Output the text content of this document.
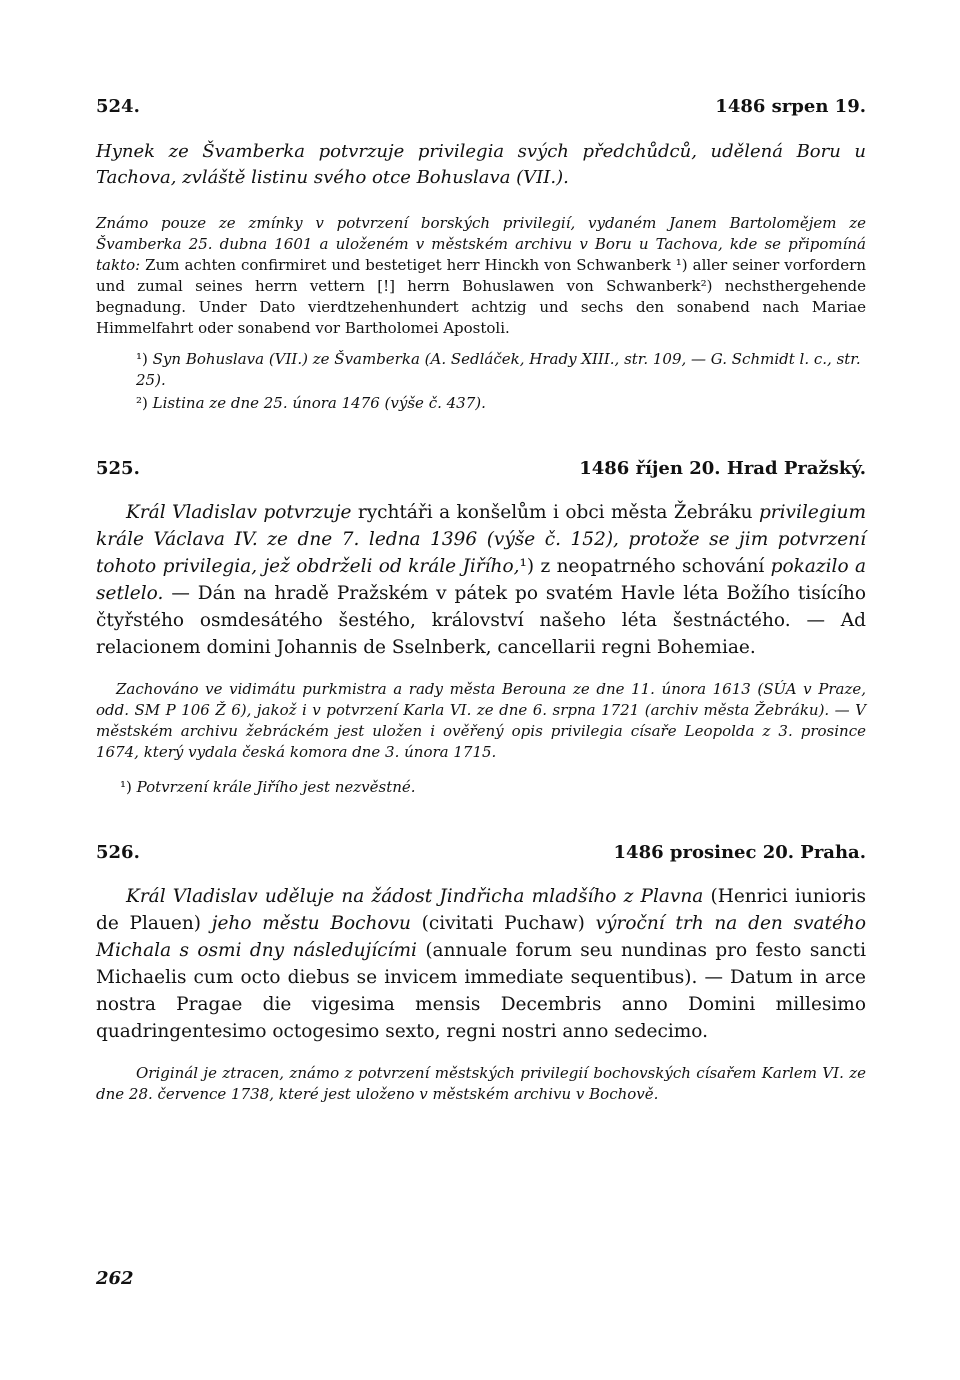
524.	1486 srpen 19.

Hynek ze Švamberka potvrzuje privilegia svých předchůdců, udělená Boru u Tachova, zvláště listinu svého otce Bohuslava (VII.).

Známo pouze ze zmínky v potvrzení borských privilegií, vydaném Janem Bartolomějem ze Švamberka 25. dubna 1601 a uloženém v městském archivu v Boru u Tachova, kde se připomíná takto: Zum achten confirmiret und bestetiget herr Hinckh von Schwanberk ¹) aller seiner vorfordern und zumal seines herrn vettern [!] herrn Bohuslawen von Schwanberk²) nechsthergehende begnadung. Under Dato vierdtzehenhundert achtzig und sechs den sonabend nach Mariae Himmelfahrt oder sonabend vor Bartholomei Apostoli.

¹) Syn Bohuslava (VII.) ze Švamberka (A. Sedláček, Hrady XIII., str. 109, — G. Schmidt l. c., str. 25).

²) Listina ze dne 25. února 1476 (výše č. 437).

525.	1486 říjen 20. Hrad Pražský.

Král Vladislav potvrzuje rychtáři a konšelům i obci města Žebráku privilegium krále Václava IV. ze dne 7. ledna 1396 (výše č. 152), protože se jim potvrzení tohoto privilegia, jež obdrželi od krále Jiřího,¹) z neopatrného schování pokazilo a setlelo. — Dán na hradě Pražském v pátek po svatém Havle léta Božího tisícího čtyřstého osmdesátého šestého, království našeho léta šestnáctého. — Ad relacionem domini Johannis de Sselnberk, cancellarii regni Bohemiae.

Zachováno ve vidimátu purkmistra a rady města Berouna ze dne 11. února 1613 (SÚA v Praze, odd. SM P 106 Ž 6), jakož i v potvrzení Karla VI. ze dne 6. srpna 1721 (archiv města Žebráku). — V městském archivu žebráckém jest uložen i ověřený opis privilegia císaře Leopolda z 3. prosince 1674, který vydala česká komora dne 3. února 1715.

¹) Potvrzení krále Jiřího jest nezvěstné.

526.	1486 prosinec 20. Praha.

Král Vladislav uděluje na žádost Jindřicha mladšího z Plavna (Henrici iunioris de Plauen) jeho městu Bochovu (civitati Puchaw) výroční trh na den svatého Michala s osmi dny následujícími (annuale forum seu nundinas pro festo sancti Michaelis cum octo diebus se invicem immediate sequentibus). — Datum in arce nostra Pragae die vigesima mensis Decembris anno Domini millesimo quadringentesimo octogesimo sexto, regni nostri anno sedecimo.

Originál je ztracen, známo z potvrzení městských privilegií bochovských císařem Karlem VI. ze dne 28. července 1738, které jest uloženo v městském archivu v Bochově.

262
